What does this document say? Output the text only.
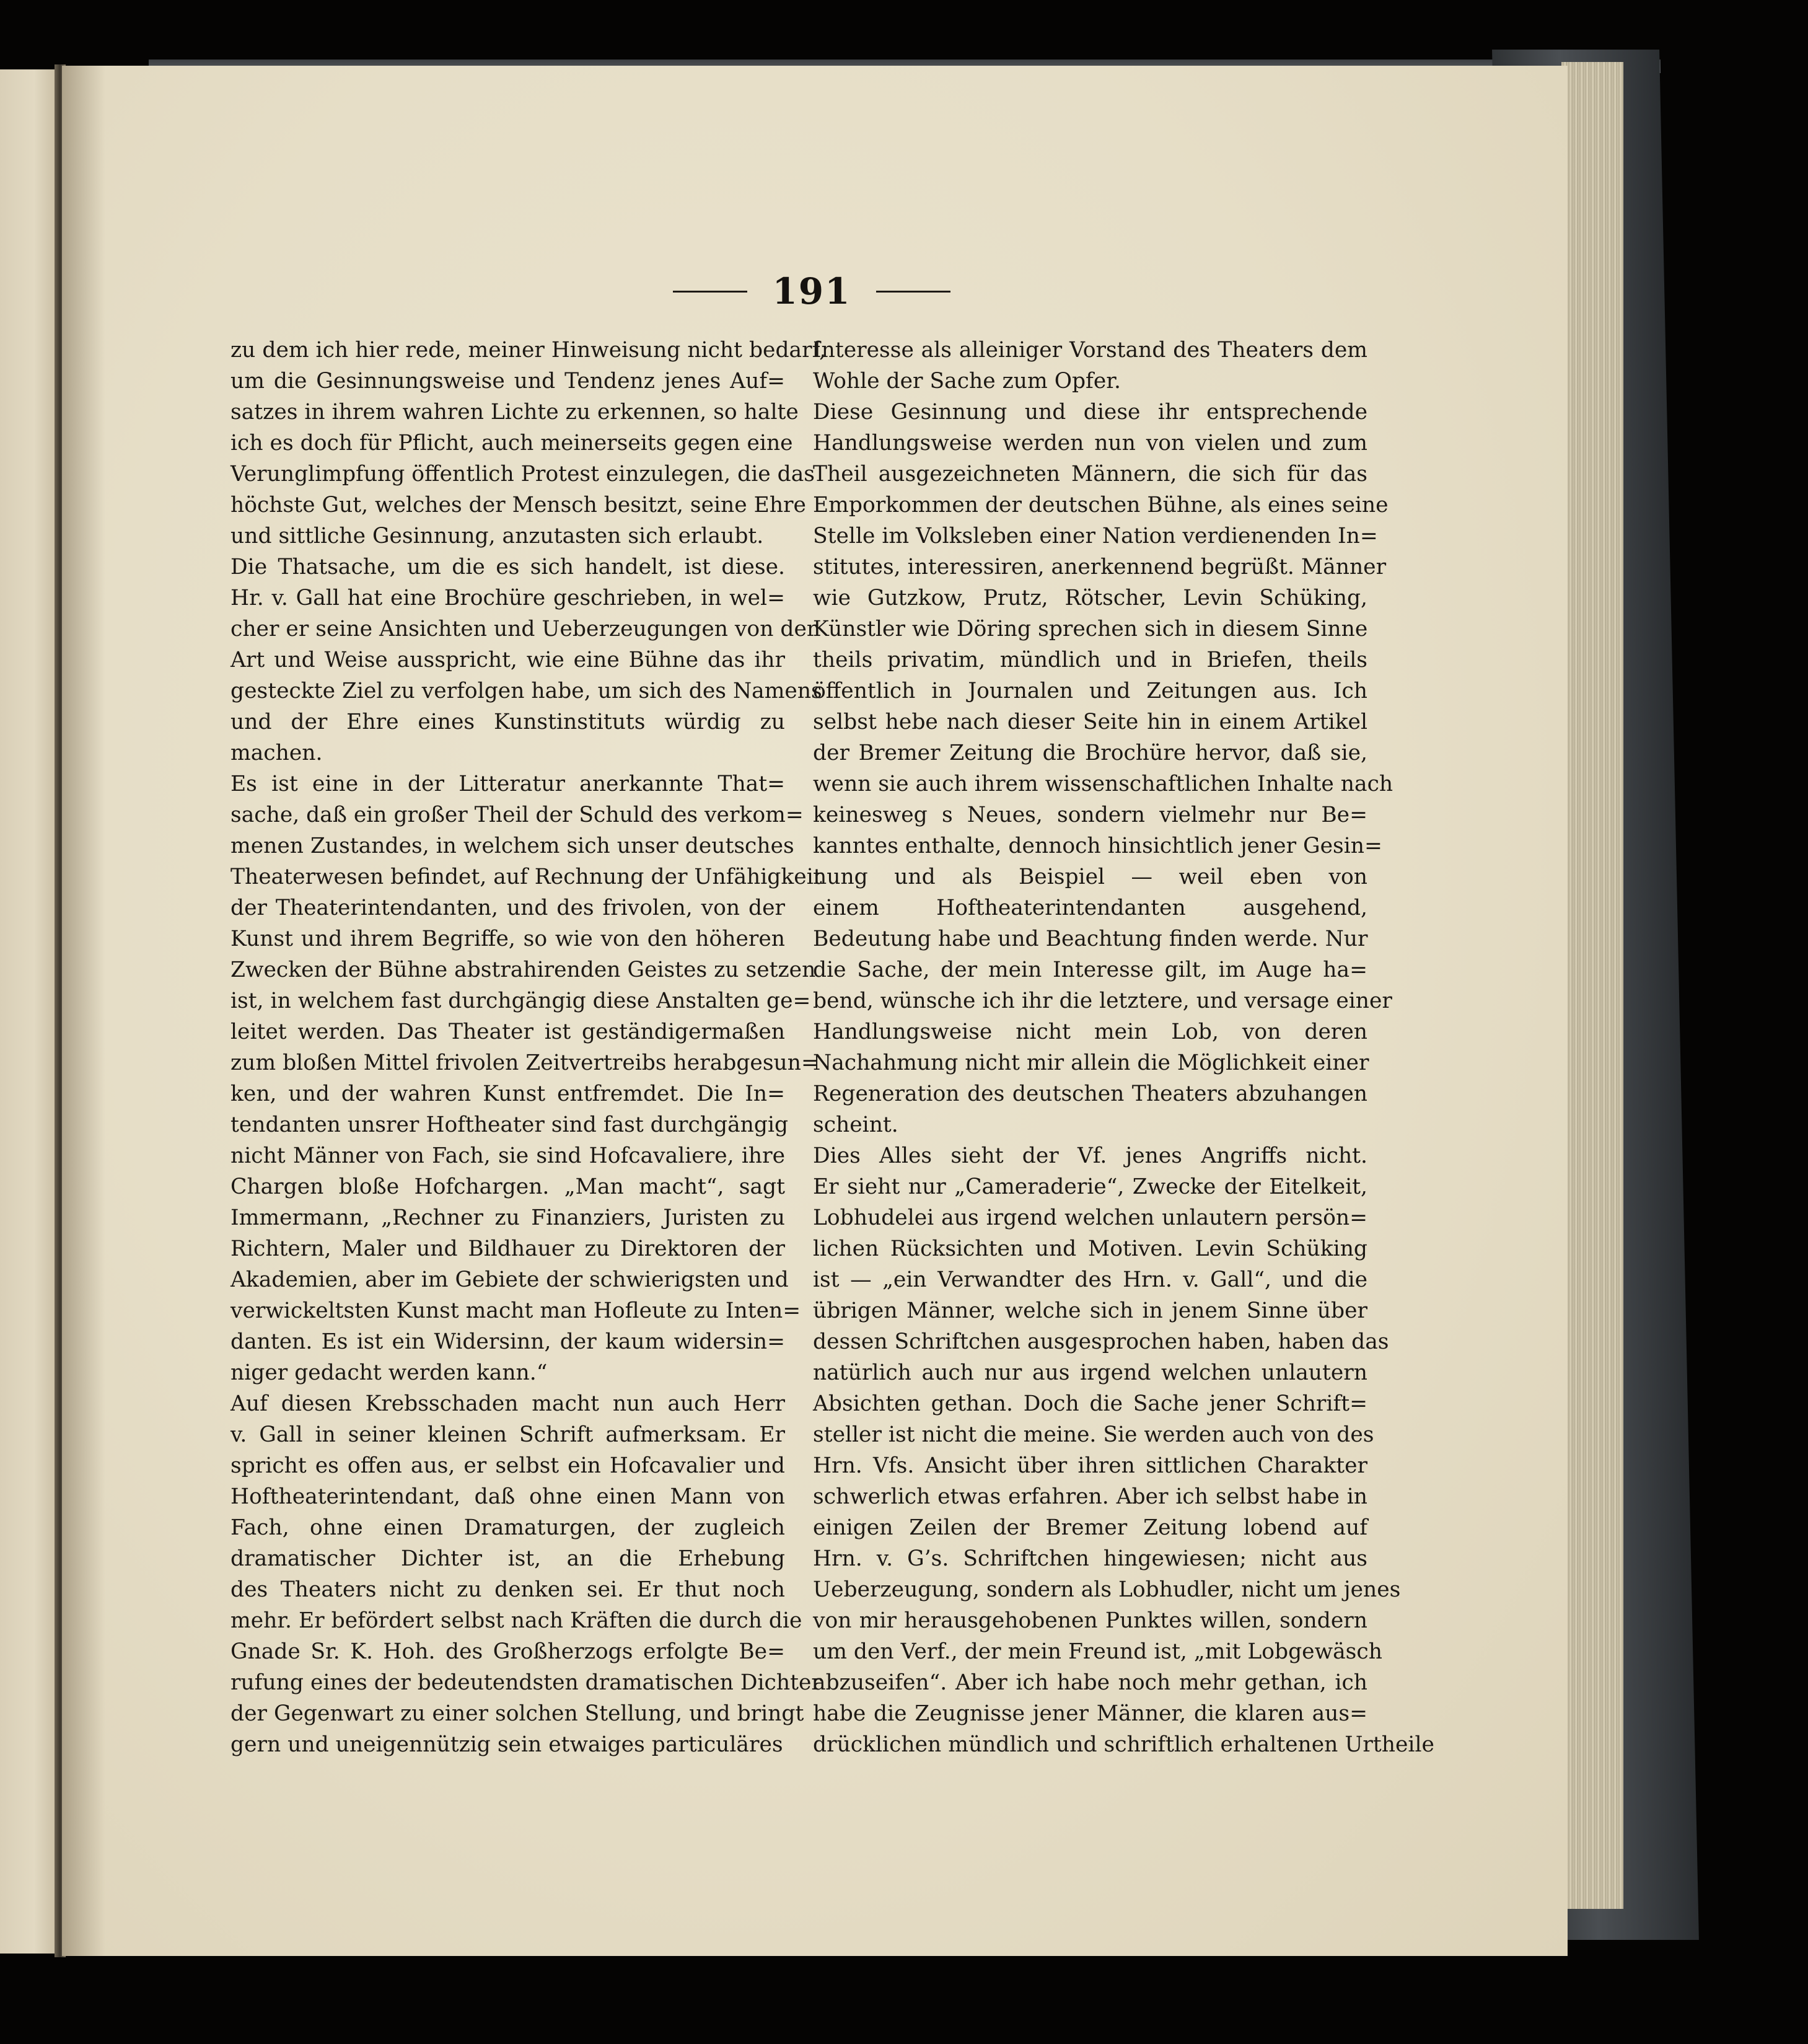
191
zu dem ich hier rede, meiner Hinweisung nicht bedarf,
um die Gesinnungsweise und Tendenz jenes Auf=
satzes in ihrem wahren Lichte zu erkennen, so halte
ich es doch für Pflicht, auch meinerseits gegen eine
Verunglimpfung öffentlich Protest einzulegen, die das
höchste Gut, welches der Mensch besitzt, seine Ehre
und sittliche Gesinnung, anzutasten sich erlaubt.
Die Thatsache, um die es sich handelt, ist diese.
Hr. v. Gall hat eine Brochüre geschrieben, in wel=
cher er seine Ansichten und Ueberzeugungen von der
Art und Weise ausspricht, wie eine Bühne das ihr
gesteckte Ziel zu verfolgen habe, um sich des Namens
und der Ehre eines Kunstinstituts würdig zu
machen.
Es ist eine in der Litteratur anerkannte That=
sache, daß ein großer Theil der Schuld des verkom=
menen Zustandes, in welchem sich unser deutsches
Theaterwesen befindet, auf Rechnung der Unfähigkeit
der Theaterintendanten, und des frivolen, von der
Kunst und ihrem Begriffe, so wie von den höheren
Zwecken der Bühne abstrahirenden Geistes zu setzen
ist, in welchem fast durchgängig diese Anstalten ge=
leitet werden. Das Theater ist geständigermaßen
zum bloßen Mittel frivolen Zeitvertreibs herabgesun=
ken, und der wahren Kunst entfremdet. Die In=
tendanten unsrer Hoftheater sind fast durchgängig
nicht Männer von Fach, sie sind Hofcavaliere, ihre
Chargen bloße Hofchargen. „Man macht“, sagt
Immermann, „Rechner zu Finanziers, Juristen zu
Richtern, Maler und Bildhauer zu Direktoren der
Akademien, aber im Gebiete der schwierigsten und
verwickeltsten Kunst macht man Hofleute zu Inten=
danten. Es ist ein Widersinn, der kaum widersin=
niger gedacht werden kann.“
Auf diesen Krebsschaden macht nun auch Herr
v. Gall in seiner kleinen Schrift aufmerksam. Er
spricht es offen aus, er selbst ein Hofcavalier und
Hoftheaterintendant, daß ohne einen Mann von
Fach, ohne einen Dramaturgen, der zugleich
dramatischer Dichter ist, an die Erhebung
des Theaters nicht zu denken sei. Er thut noch
mehr. Er befördert selbst nach Kräften die durch die
Gnade Sr. K. Hoh. des Großherzogs erfolgte Be=
rufung eines der bedeutendsten dramatischen Dichter
der Gegenwart zu einer solchen Stellung, und bringt
gern und uneigennützig sein etwaiges particuläres
Interesse als alleiniger Vorstand des Theaters dem
Wohle der Sache zum Opfer.
Diese Gesinnung und diese ihr entsprechende
Handlungsweise werden nun von vielen und zum
Theil ausgezeichneten Männern, die sich für das
Emporkommen der deutschen Bühne, als eines seine
Stelle im Volksleben einer Nation verdienenden In=
stitutes, interessiren, anerkennend begrüßt. Männer
wie Gutzkow, Prutz, Rötscher, Levin Schüking,
Künstler wie Döring sprechen sich in diesem Sinne
theils privatim, mündlich und in Briefen, theils
öffentlich in Journalen und Zeitungen aus. Ich
selbst hebe nach dieser Seite hin in einem Artikel
der Bremer Zeitung die Brochüre hervor, daß sie,
wenn sie auch ihrem wissenschaftlichen Inhalte nach
keinesweg s Neues, sondern vielmehr nur Be=
kanntes enthalte, dennoch hinsichtlich jener Gesin=
nung und als Beispiel — weil eben von
einem Hoftheaterintendanten ausgehend,
Bedeutung habe und Beachtung finden werde. Nur
die Sache, der mein Interesse gilt, im Auge ha=
bend, wünsche ich ihr die letztere, und versage einer
Handlungsweise nicht mein Lob, von deren
Nachahmung nicht mir allein die Möglichkeit einer
Regeneration des deutschen Theaters abzuhangen
scheint.
Dies Alles sieht der Vf. jenes Angriffs nicht.
Er sieht nur „Cameraderie“, Zwecke der Eitelkeit,
Lobhudelei aus irgend welchen unlautern persön=
lichen Rücksichten und Motiven. Levin Schüking
ist — „ein Verwandter des Hrn. v. Gall“, und die
übrigen Männer, welche sich in jenem Sinne über
dessen Schriftchen ausgesprochen haben, haben das
natürlich auch nur aus irgend welchen unlautern
Absichten gethan. Doch die Sache jener Schrift=
steller ist nicht die meine. Sie werden auch von des
Hrn. Vfs. Ansicht über ihren sittlichen Charakter
schwerlich etwas erfahren. Aber ich selbst habe in
einigen Zeilen der Bremer Zeitung lobend auf
Hrn. v. G’s. Schriftchen hingewiesen; nicht aus
Ueberzeugung, sondern als Lobhudler, nicht um jenes
von mir herausgehobenen Punktes willen, sondern
um den Verf., der mein Freund ist, „mit Lobgewäsch
abzuseifen“. Aber ich habe noch mehr gethan, ich
habe die Zeugnisse jener Männer, die klaren aus=
drücklichen mündlich und schriftlich erhaltenen Urtheile
